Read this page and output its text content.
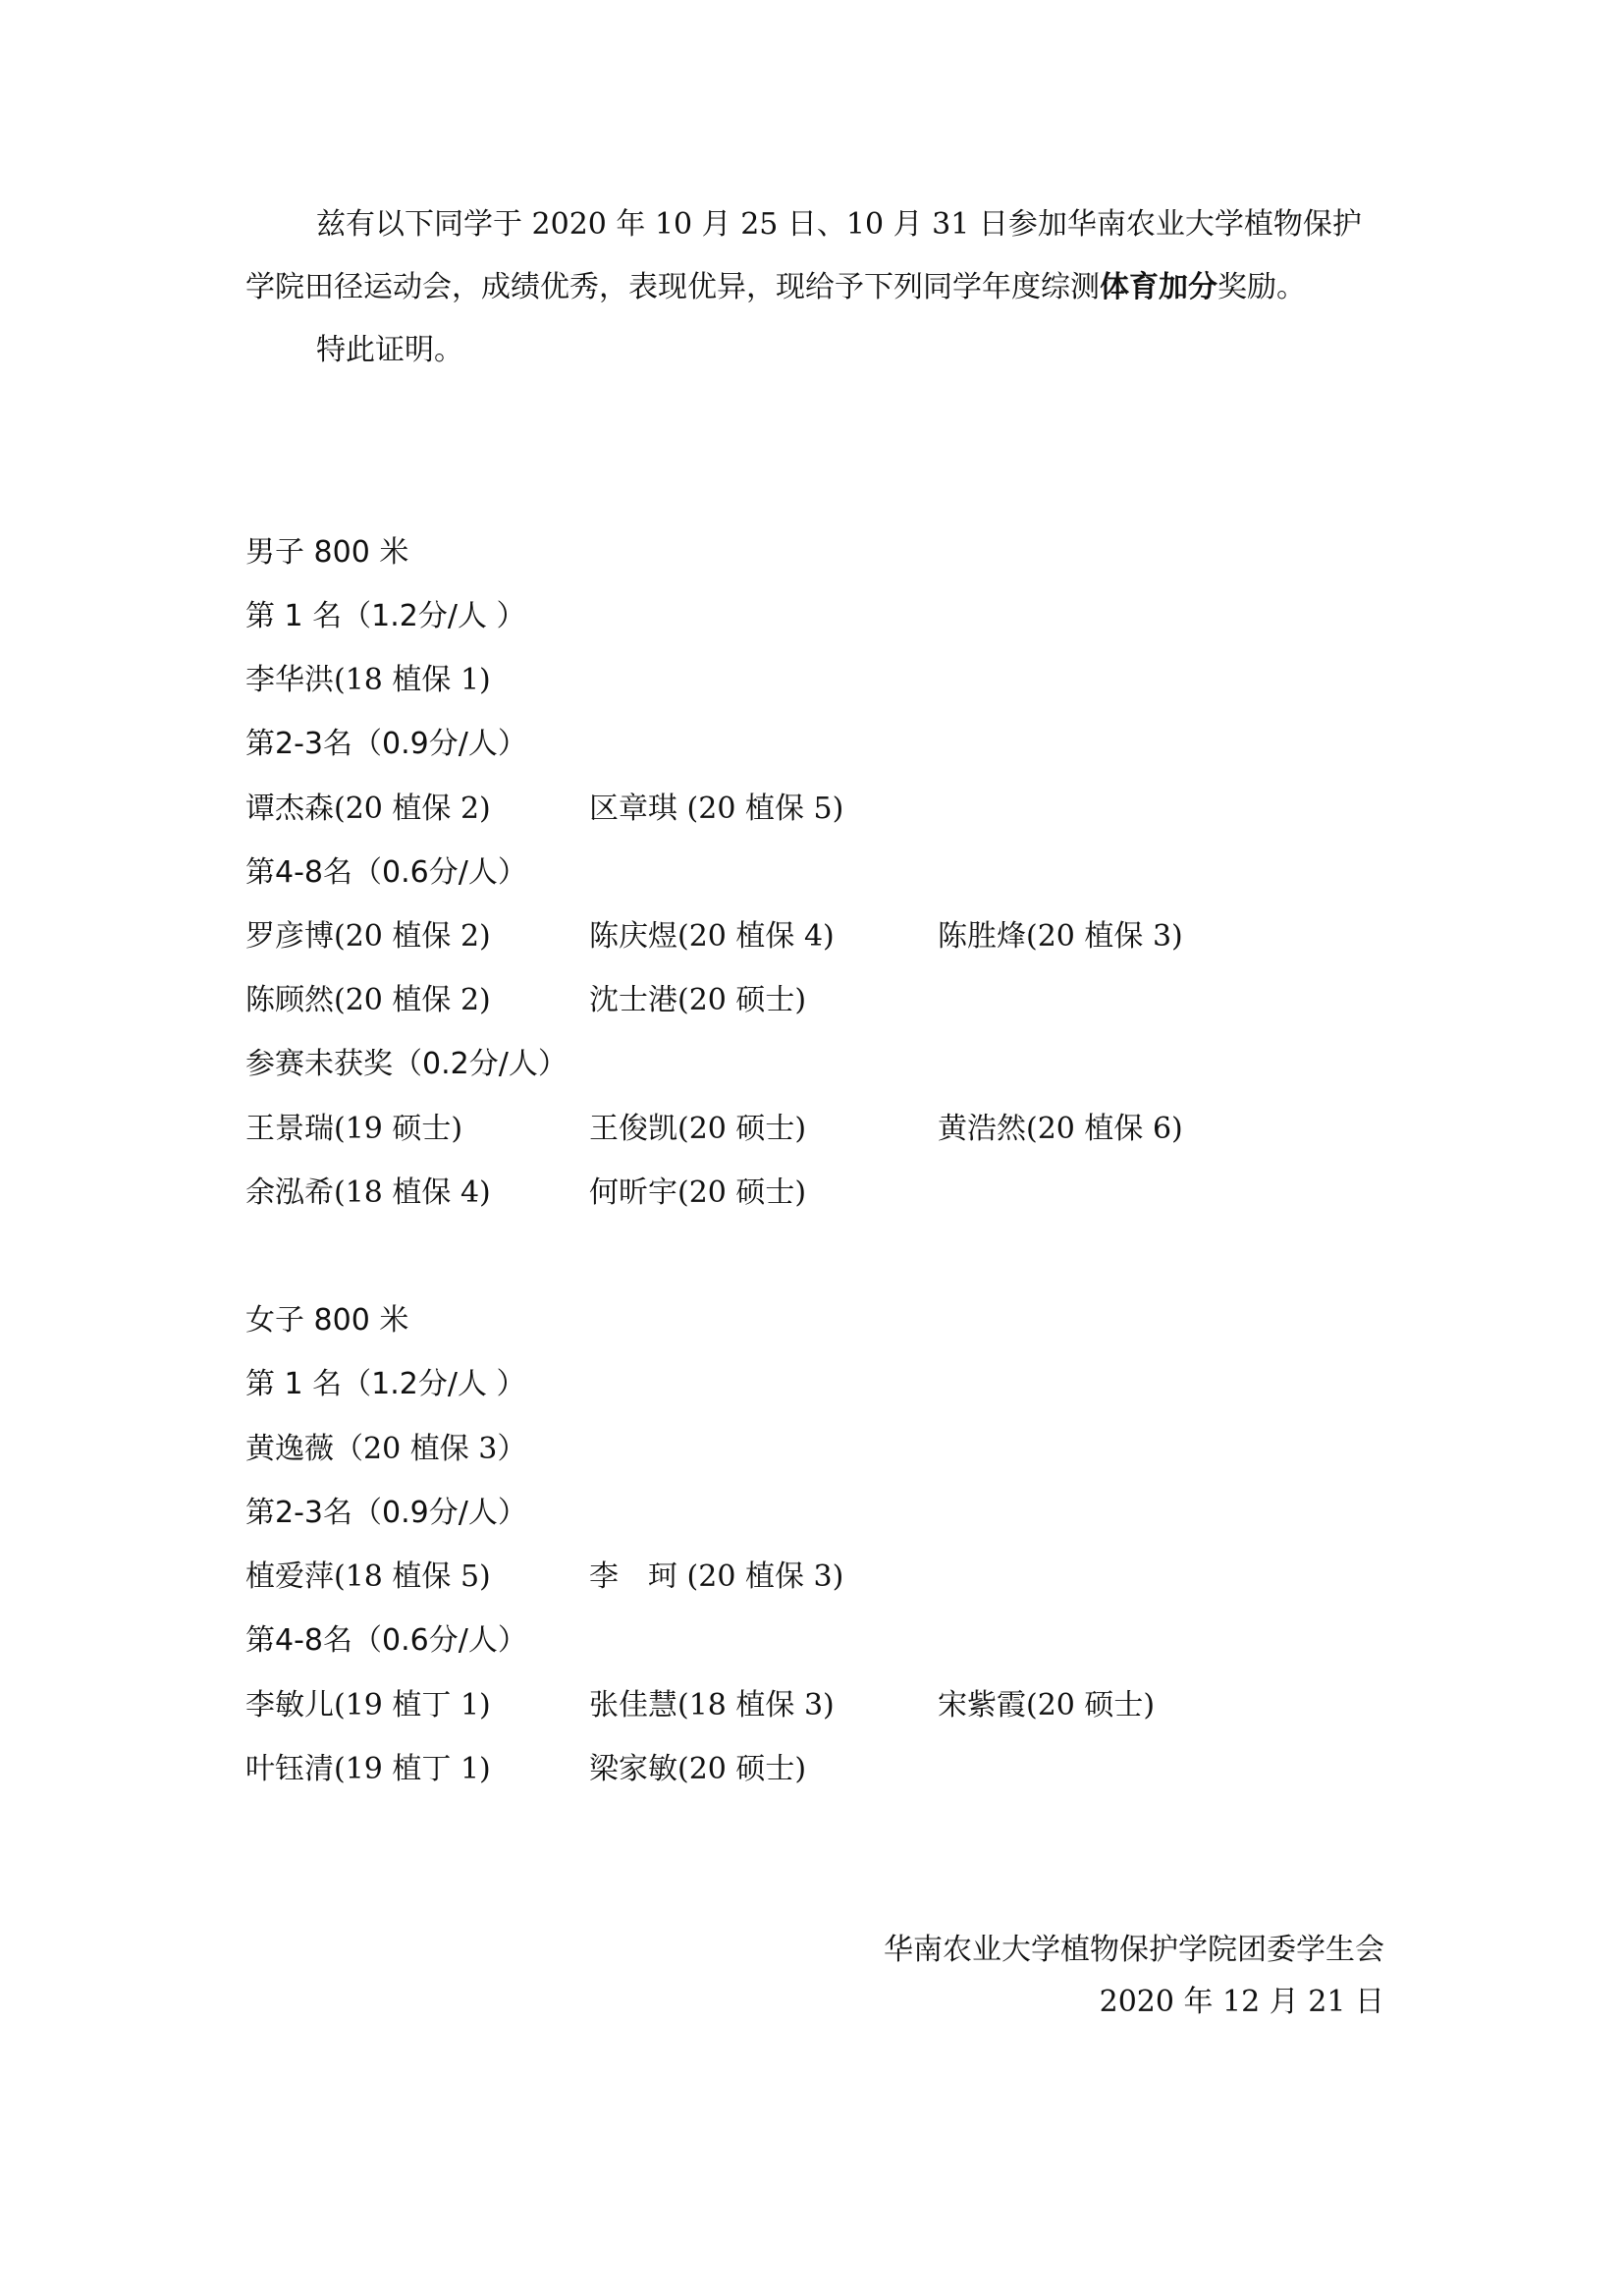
兹有以下同学于 2020 年 10 月 25 日、10 月 31 日参加华南农业大学植物保护学院田径运动会，成绩优秀，表现优异，现给予下列同学年度综测体育加分奖励。

特此证明。

男子 800 米
第 1 名（1.2分/人 ）
李华洪(18 植保 1)
第2-3名（0.9分/人）
谭杰森(20 植保 2)	区章琪 (20 植保 5)
第4-8名（0.6分/人）
罗彦博(20 植保 2)	陈庆煜(20 植保 4)	陈胜烽(20 植保 3)
陈顾然(20 植保 2)	沈士港(20 硕士)
参赛未获奖（0.2分/人）
王景瑞(19 硕士)	王俊凯(20 硕士)	黄浩然(20 植保 6)
余泓希(18 植保 4)	何昕宇(20 硕士)
女子 800 米
第 1 名（1.2分/人 ）
黄逸薇（20 植保 3）
第2-3名（0.9分/人）
植爱萍(18 植保 5)	李　珂 (20 植保 3)
第4-8名（0.6分/人）
李敏儿(19 植丁 1)	张佳慧(18 植保 3)	宋紫霞(20 硕士)
叶钰清(19 植丁 1)	梁家敏(20 硕士)
华南农业大学植物保护学院团委学生会
2020 年 12 月 21 日
